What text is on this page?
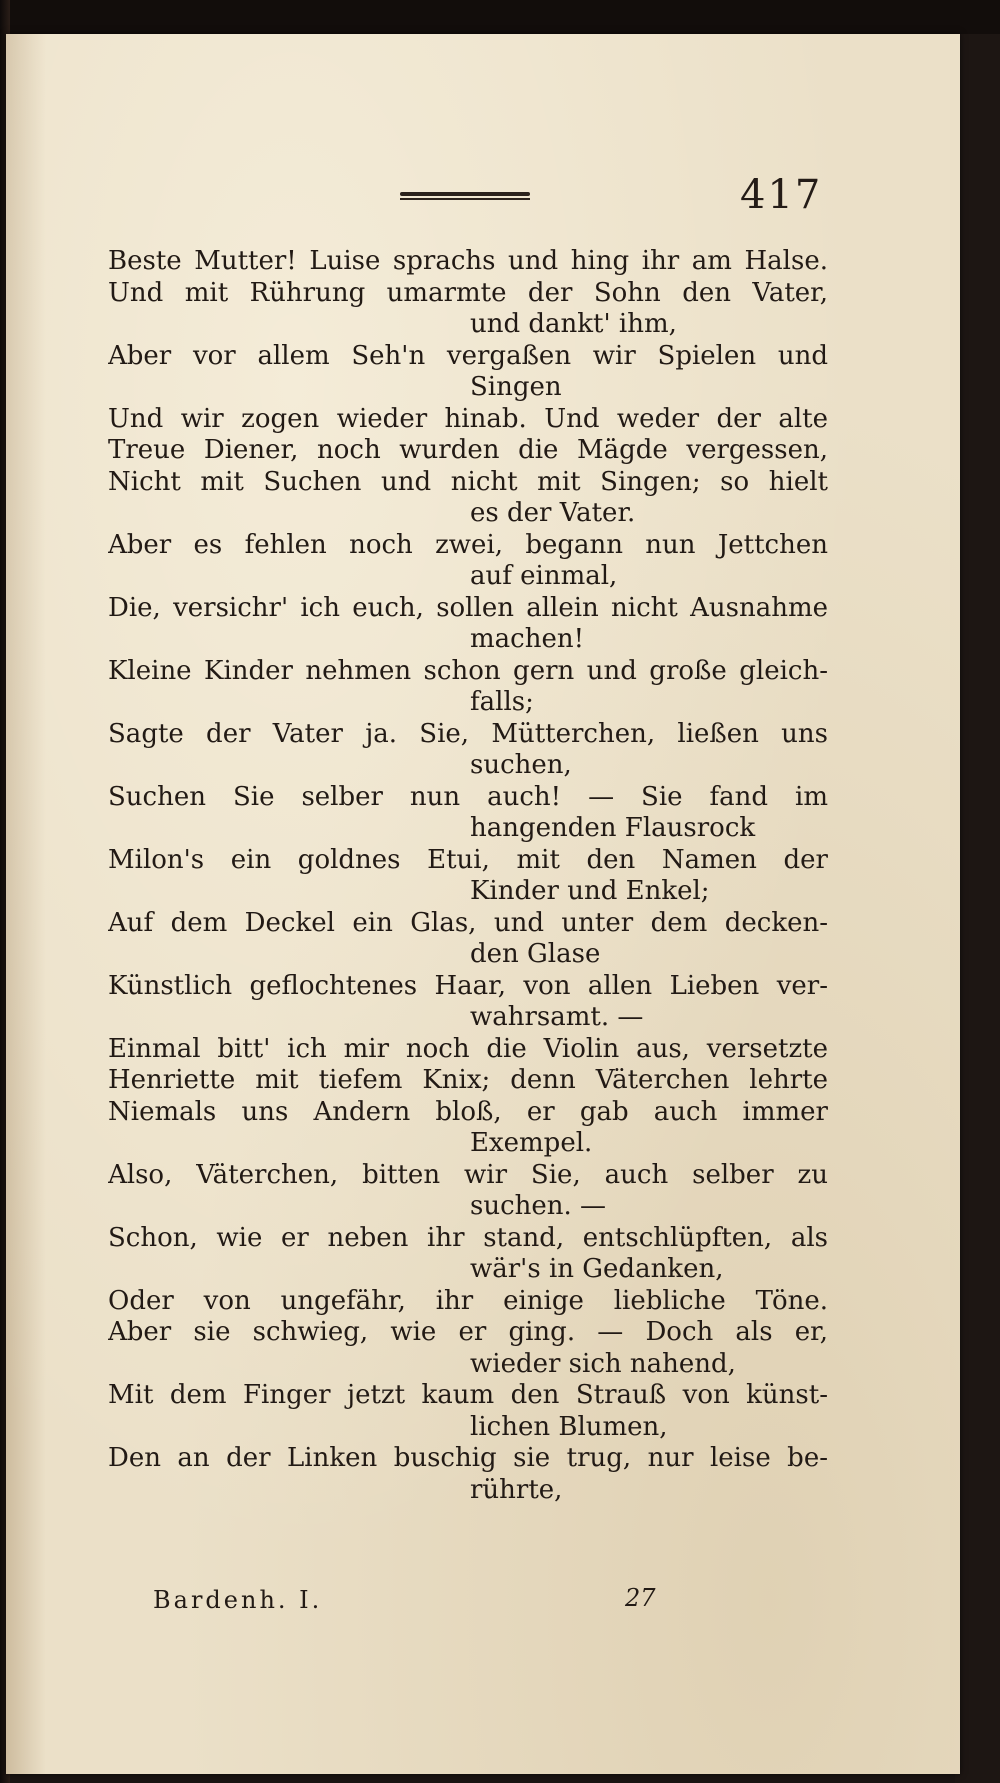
417
Beste Mutter! Luise sprachs und hing ihr am Halse.
Und mit Rührung umarmte der Sohn den Vater,
und dankt' ihm,
Aber vor allem Seh'n vergaßen wir Spielen und
Singen
Und wir zogen wieder hinab. Und weder der alte
Treue Diener, noch wurden die Mägde vergessen,
Nicht mit Suchen und nicht mit Singen; so hielt
es der Vater.
Aber es fehlen noch zwei, begann nun Jettchen
auf einmal,
Die, versichr' ich euch, sollen allein nicht Ausnahme
machen!
Kleine Kinder nehmen schon gern und große gleich-
falls;
Sagte der Vater ja. Sie, Mütterchen, ließen uns
suchen,
Suchen Sie selber nun auch! — Sie fand im
hangenden Flausrock
Milon's ein goldnes Etui, mit den Namen der
Kinder und Enkel;
Auf dem Deckel ein Glas, und unter dem decken-
den Glase
Künstlich geflochtenes Haar, von allen Lieben ver-
wahrsamt. —
Einmal bitt' ich mir noch die Violin aus, versetzte
Henriette mit tiefem Knix; denn Väterchen lehrte
Niemals uns Andern bloß, er gab auch immer
Exempel.
Also, Väterchen, bitten wir Sie, auch selber zu
suchen. —
Schon, wie er neben ihr stand, entschlüpften, als
wär's in Gedanken,
Oder von ungefähr, ihr einige liebliche Töne.
Aber sie schwieg, wie er ging. — Doch als er,
wieder sich nahend,
Mit dem Finger jetzt kaum den Strauß von künst-
lichen Blumen,
Den an der Linken buschig sie trug, nur leise be-
rührte,
Bardenh. I.	27
